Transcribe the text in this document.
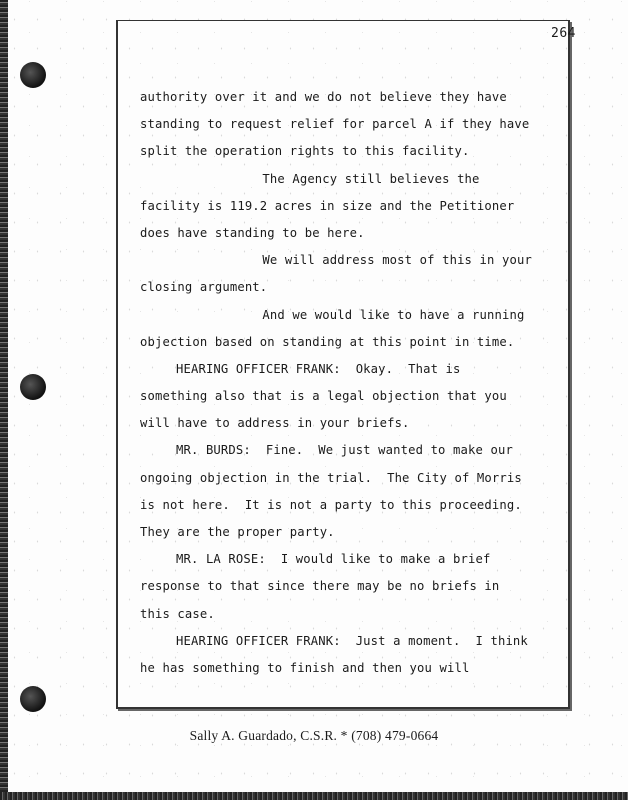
264
authority over it and we do not believe they have
standing to request relief for parcel A if they have
split the operation rights to this facility.
The Agency still believes the
facility is 119.2 acres in size and the Petitioner
does have standing to be here.
We will address most of this in your
closing argument.
And we would like to have a running
objection based on standing at this point in time.
HEARING OFFICER FRANK:  Okay.  That is
something also that is a legal objection that you
will have to address in your briefs.
MR. BURDS:  Fine.  We just wanted to make our
ongoing objection in the trial.  The City of Morris
is not here.  It is not a party to this proceeding.
They are the proper party.
MR. LA ROSE:  I would like to make a brief
response to that since there may be no briefs in
this case.
HEARING OFFICER FRANK:  Just a moment.  I think
he has something to finish and then you will
Sally A. Guardado, C.S.R. * (708) 479-0664
